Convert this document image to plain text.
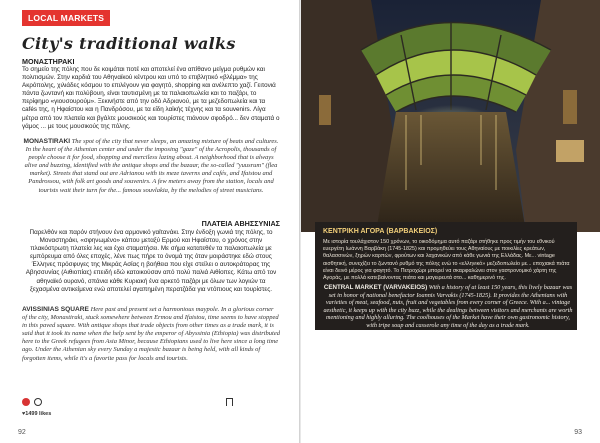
LOCAL MARKETS
City's traditional walks
ΜΟΝΑΣΤΗΡΑΚΙ
Το σημείο της πόλης που δε κοιμάται ποτέ και αποτελεί ένα απίθανο μείγμα ρυθμών και πολιτισμών. Στην καρδιά του Αθηναϊκού κέντρου και υπό το επιβλητικό «βλέμμα» της Ακρόπολης, χιλιάδες κόσμου το επιλέγουν για φαγητό, shopping και ανέλεπτο χαζί. Γειτονιά πάντα ζωντανή και πολύβουη, είναι ταυτισμένη με τα παλαιοπωλεία και το παζάρι, το περίφημο «γιουσουρούμ». Ξεκινήστε από την οδό Αδριανού, με τα μεζεδοπωλεία και τα cafés της, η Ηφαίστου και η Πανδρόσου, με τα είδη λαϊκής τέχνης και τα souvenirs. Λίγα μέτρα από τον πλατεία και βγάλτε μουσικούς και τουρίστες πιάνουν σφοδρό... δεν σταματά ο γάμος ... με τους μουσικούς της πόλης.
MONASTIRAKI The spot of the city that never sleeps, an amazing mixture of beats and cultures. In the heart of the Athenian center and under the imposing "gaze" of the Acropolis, thousands of people choose it for food, shopping and merciless lazing about. A neighborhood that is always alive and buzzing, identified with the antique shops and the bazaar, the so-called "yuusrum" (flea market). Streets that stand out are Adrianou with its meze taverns and cafés, and Ifaistou and Pandrossou, with folk art goods and souvenirs. A few meters away from the station, locals and tourists wait their turn for the... famous souvlakia, by the melodies of street musicians.
ΠΛΑΤΕΙΑ ΑΒΗΣΣΥΝΙΑΣ
Παρελθόν και παρόν στήνουν ένα αρμονικό γαϊτανάκι. Στην ένδοξη γωνιά της πόλης, το Μοναστηράκι, «σφηνωμένο» κάπου μεταξύ Ερμού και Ηφαίστου, ο χρόνος στην πλακόστρωτη πλατεία λες και έχει σταματήσει. Με σήμα κατατεθέν τα παλαιοπωλεία με εμπόρευμα από όλες εποχές, λένε πως πήρε το όνομά της όταν μοιράστηκε εδώ στους Έλληνες πρόσφυγες της Μικράς Ασίας η βοήθεια που είχε στείλει ο αυτοκράτορας της Αβησσυνίας (Αιθιοπίας) επειδή εδώ κατοικούσαν από πολύ παλιά Αιθίοπες. Κάτω από τον αθηναϊκό ουρανό, σπάνια κάθε Κυριακή ένα αρκετό παζάρι με όλων των λογιών τα ξεχασμένα αντικείμενα ενώ αποτελεί αγαπημένη περατζάδα για ντόπιους και τουρίστες.
AVISSINIAS SQUARE Here past and present set a harmonious maypole. In a glorious corner of the city, Monastiraki, stuck somewhere between Ermou and Ifaistou, time seems to have stopped in this paved square. With antique shops that trade objects from other times as a trade mark, it is said that it took its name when the help sent by the emperor of Abyssinia (Ethiopia) was distributed here to the Greek refugees from Asia Minor, because Ethiopians used to live here since a long time ago. Under the Athenian sky every Sunday a majestic bazaar is being held, with all kinds of forgotten items, while it's a favorite pass for locals and tourists.
♥1499 likes
92
ΚΕΝΤΡΙΚΗ ΑΓΟΡΑ (ΒΑΡΒΑΚΕΙΟΣ)
Με ιστορία τουλάχιστον 150 χρόνων, το οικοδόμημα αυτό παζάρι στήθηκε προς τιμήν του εθνικού ευεργέτη Ιωάννη Βαρβάκη (1745-1825) και προμηθεύει τους Αθηναίους με ποικιλίες κρεάτων, θαλασσινών, ξηρών καρπών, φρούτων και λαχανικών από κάθε γωνιά της Ελλάδας. Με... vintage αισθητική, συνεχίζει το ζωντανό ρυθμό της πόλης ενώ το «ελληνικό» μεζεδοπωλείο με... εποχιακά πιάτα είναι δεινό μέρος για φαγητό. Το Πετροχώρι μπορεί να σκαρφαλώνει στον γαστρονομικό χάρτη της Αγοράς, με πολλά κατεβαίνοντας πιάτα και μαγειρευτά στο... καθημερινό της.
CENTRAL MARKET (VARVAKEIOS) With a history of at least 150 years, this lively bazaar was set in honor of national benefactor Ioannis Varvakis (1745-1825). It provides the Athenians with varieties of meat, seafood, nuts, fruit and vegetables from every corner of Greece. With a... vintage aesthetic, it keeps up with the city buzz, while the dealings between visitors and merchants are worth mentioning and highly alluring. The coolhouses of the Market have their own gastronomic history, with tripe soup and casserole any time of the day as a trade mark.
93
